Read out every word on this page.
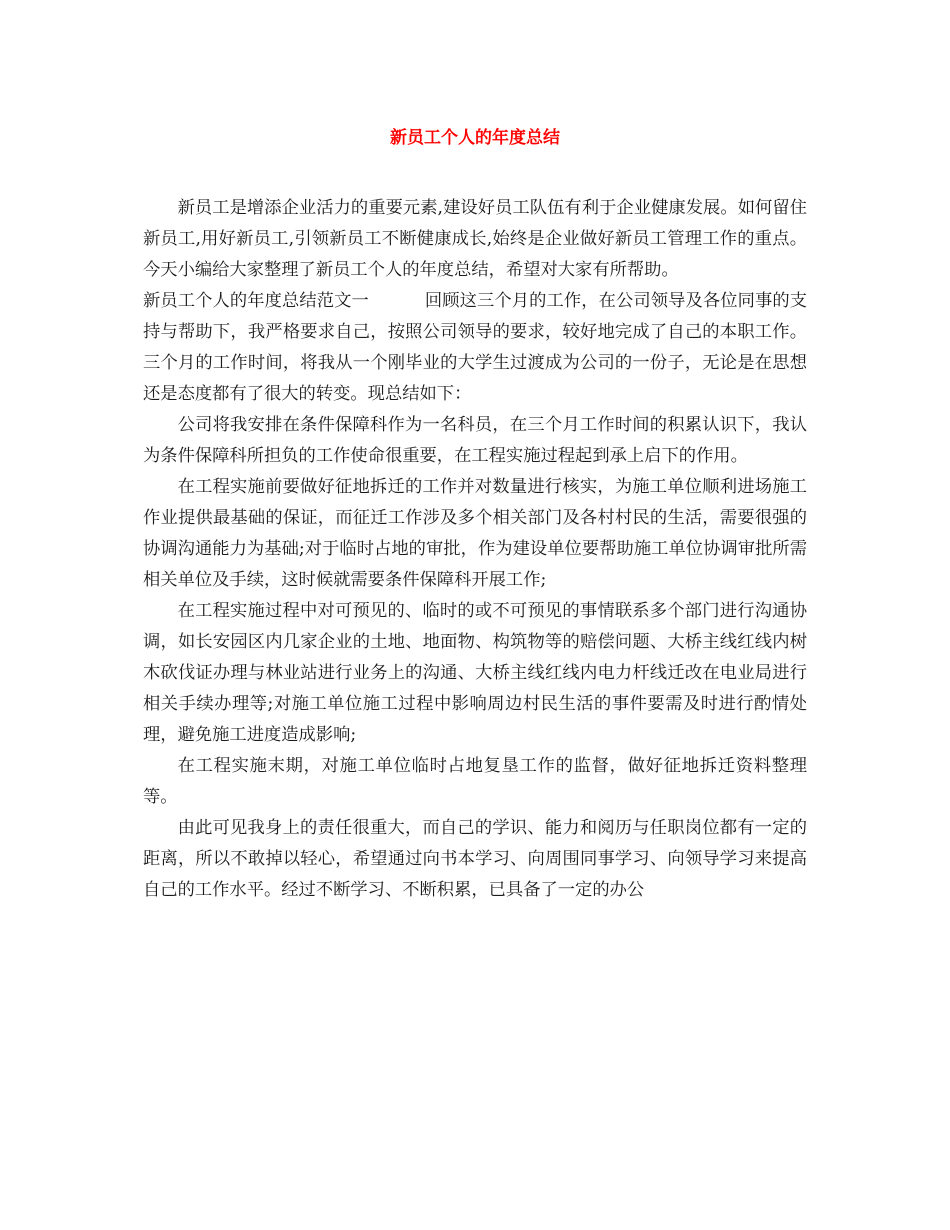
新员工个人的年度总结

新员工是增添企业活力的重要元素,建设好员工队伍有利于企业健康发展。如何留住新员工,用好新员工,引领新员工不断健康成长,始终是企业做好新员工管理工作的重点。今天小编给大家整理了新员工个人的年度总结，希望对大家有所帮助。

新员工个人的年度总结范文一	回顾这三个月的工作，在公司领导及各位同事的支持与帮助下，我严格要求自己，按照公司领导的要求，较好地完成了自己的本职工作。三个月的工作时间，将我从一个刚毕业的大学生过渡成为公司的一份子，无论是在思想还是态度都有了很大的转变。现总结如下：

公司将我安排在条件保障科作为一名科员，在三个月工作时间的积累认识下，我认为条件保障科所担负的工作使命很重要，在工程实施过程起到承上启下的作用。

在工程实施前要做好征地拆迁的工作并对数量进行核实，为施工单位顺利进场施工作业提供最基础的保证，而征迁工作涉及多个相关部门及各村村民的生活，需要很强的协调沟通能力为基础;对于临时占地的审批，作为建设单位要帮助施工单位协调审批所需相关单位及手续，这时候就需要条件保障科开展工作;

在工程实施过程中对可预见的、临时的或不可预见的事情联系多个部门进行沟通协调，如长安园区内几家企业的土地、地面物、构筑物等的赔偿问题、大桥主线红线内树木砍伐证办理与林业站进行业务上的沟通、大桥主线红线内电力杆线迁改在电业局进行相关手续办理等;对施工单位施工过程中影响周边村民生活的事件要需及时进行酌情处理，避免施工进度造成影响;

在工程实施末期，对施工单位临时占地复垦工作的监督，做好征地拆迁资料整理等。

由此可见我身上的责任很重大，而自己的学识、能力和阅历与任职岗位都有一定的距离，所以不敢掉以轻心，希望通过向书本学习、向周围同事学习、向领导学习来提高自己的工作水平。经过不断学习、不断积累，已具备了一定的办公
